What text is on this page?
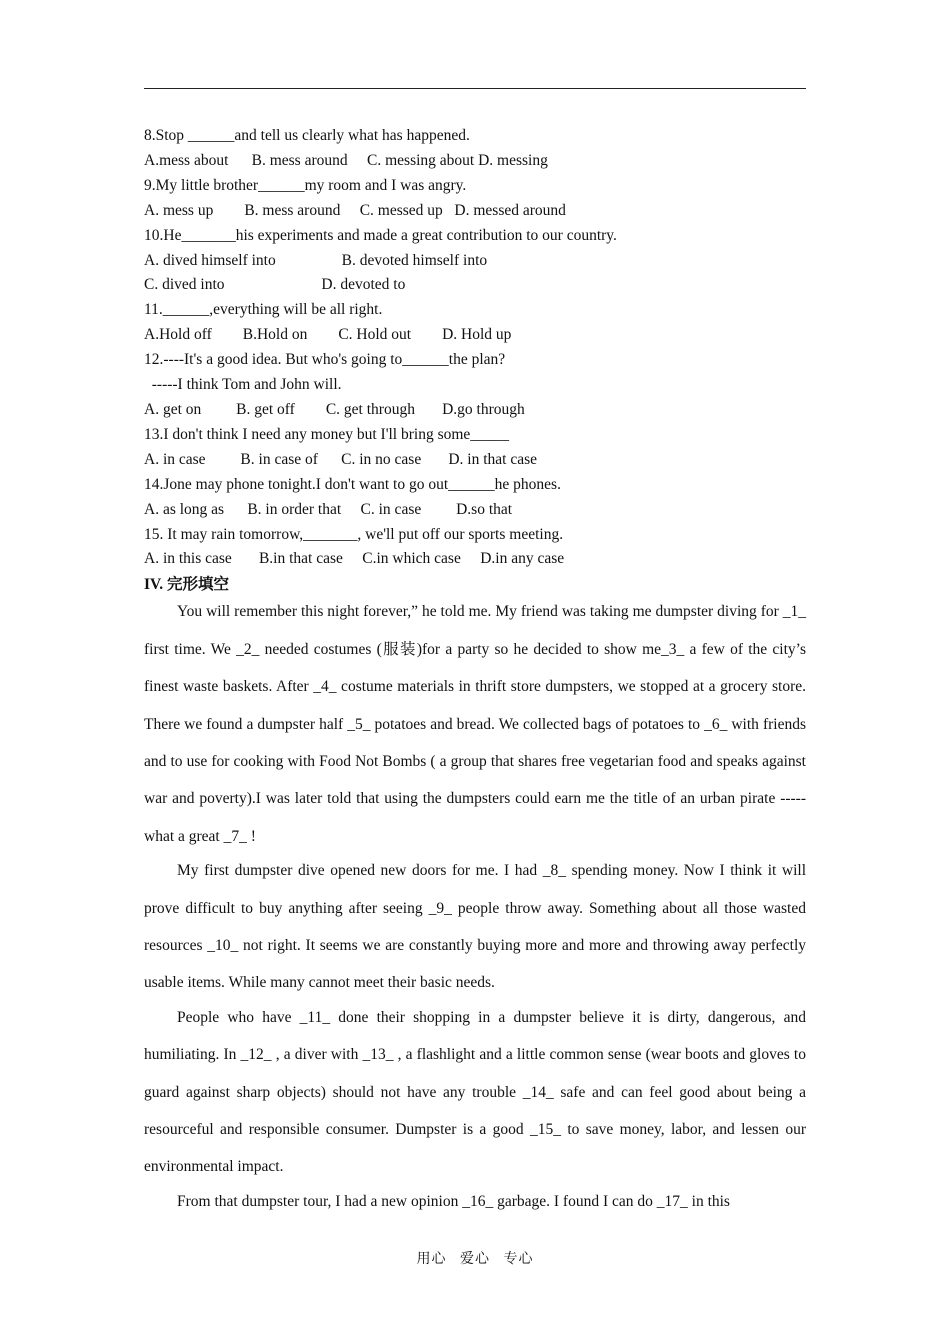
8.Stop ______and tell us clearly what has happened.
A.mess about      B. mess around     C. messing about D. messing
9.My little brother______my room and I was angry.
A. mess up        B. mess around     C. messed up   D. messed around
10.He_______his experiments and made a great contribution to our country.
A. dived himself into                 B. devoted himself into
C. dived into                         D. devoted to
11.______,everything will be all right.
A.Hold off        B.Hold on        C. Hold out        D. Hold up
12.----It's a good idea. But who's going to______the plan?
-----I think Tom and John will.
A. get on         B. get off        C. get through       D.go through
13.I don't think I need any money but I'll bring some_____
A. in case         B. in case of      C. in no case       D. in that case
14.Jone may phone tonight.I don't want to go out______he phones.
A. as long as      B. in order that     C. in case         D.so that
15. It may rain tomorrow,_______, we'll put off our sports meeting.
A. in this case       B.in that case     C.in which case     D.in any case
IV. 完形填空

You will remember this night forever,” he told me. My friend was taking me dumpster diving for _1_ first time. We _2_ needed costumes (服装)for a party so he decided to show me_3_ a few of the city’s finest waste baskets. After _4_ costume materials in thrift store dumpsters, we stopped at a grocery store. There we found a dumpster half _5_ potatoes and bread. We collected bags of potatoes to _6_ with friends and to use for cooking with Food Not Bombs ( a group that shares free vegetarian food and speaks against war and poverty).I was later told that using the dumpsters could earn me the title of an urban pirate -----what a great _7_ !

My first dumpster dive opened new doors for me. I had _8_ spending money. Now I think it will prove difficult to buy anything after seeing _9_ people throw away. Something about all those wasted resources _10_ not right. It seems we are constantly buying more and more and throwing away perfectly usable items. While many cannot meet their basic needs.

People who have _11_ done their shopping in a dumpster believe it is dirty, dangerous, and humiliating. In _12_ , a diver with _13_ , a flashlight and a little common sense (wear boots and gloves to guard against sharp objects) should not have any trouble _14_ safe and can feel good about being a resourceful and responsible consumer. Dumpster is a good _15_ to save money, labor, and lessen our environmental impact.

From that dumpster tour, I had a new opinion _16_ garbage. I found I can do _17_ in this

用心 爱心 专心
